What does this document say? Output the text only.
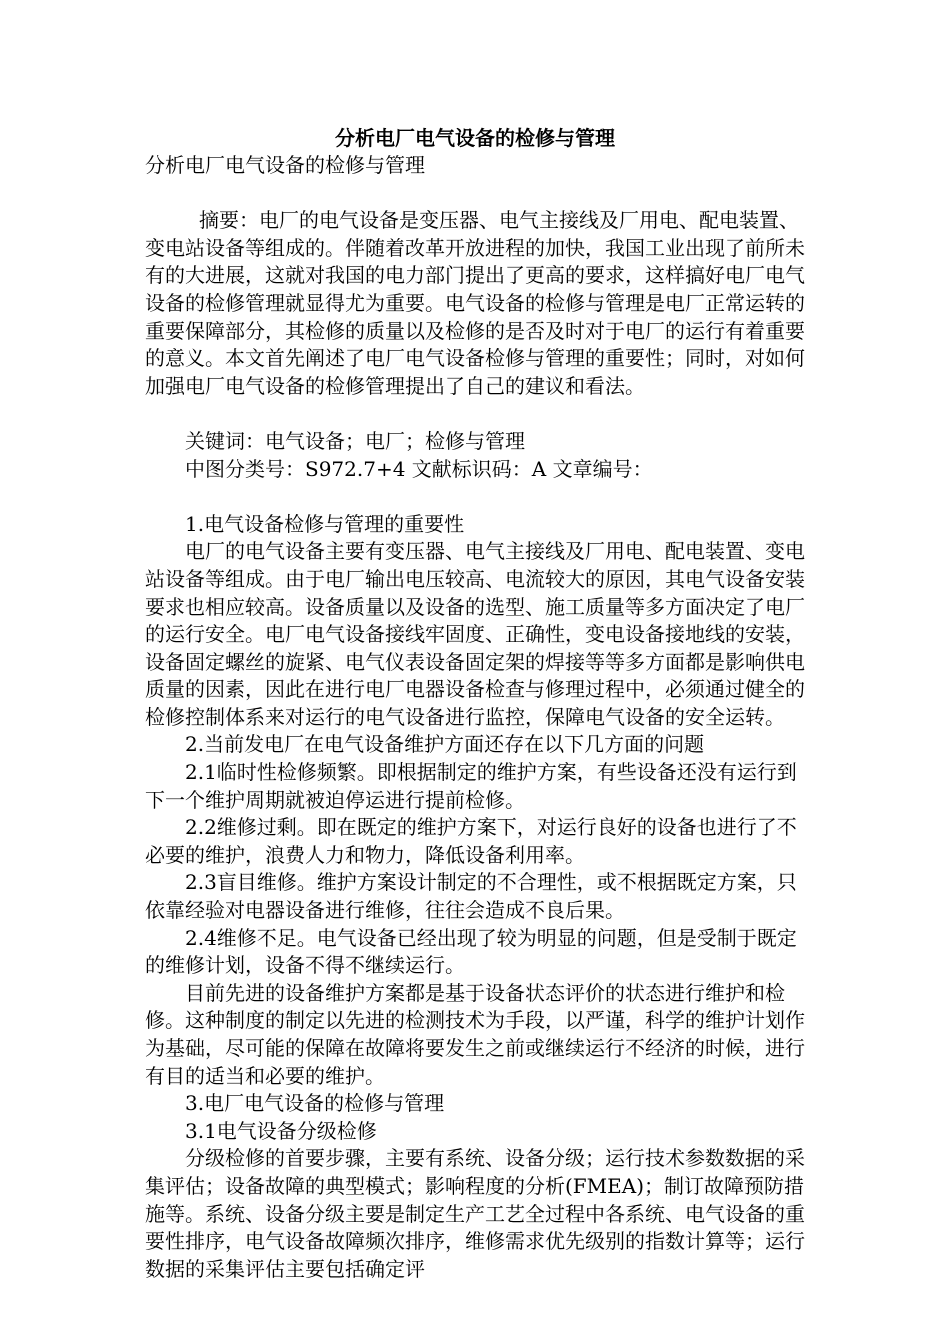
分析电厂电气设备的检修与管理

分析电厂电气设备的检修与管理

摘要：电厂的电气设备是变压器、电气主接线及厂用电、配电装置、变电站设备等组成的。伴随着改革开放进程的加快，我国工业出现了前所未有的大进展，这就对我国的电力部门提出了更高的要求，这样搞好电厂电气设备的检修管理就显得尤为重要。电气设备的检修与管理是电厂正常运转的重要保障部分，其检修的质量以及检修的是否及时对于电厂的运行有着重要的意义。本文首先阐述了电厂电气设备检修与管理的重要性；同时，对如何加强电厂电气设备的检修管理提出了自己的建议和看法。

关键词：电气设备；电厂；检修与管理

中图分类号：S972.7+4 文献标识码：A 文章编号：

1.电气设备检修与管理的重要性

电厂的电气设备主要有变压器、电气主接线及厂用电、配电装置、变电站设备等组成。由于电厂输出电压较高、电流较大的原因，其电气设备安装要求也相应较高。设备质量以及设备的选型、施工质量等多方面决定了电厂的运行安全。电厂电气设备接线牢固度、正确性，变电设备接地线的安装，设备固定螺丝的旋紧、电气仪表设备固定架的焊接等等多方面都是影响供电质量的因素，因此在进行电厂电器设备检查与修理过程中，必须通过健全的检修控制体系来对运行的电气设备进行监控，保障电气设备的安全运转。

2.当前发电厂在电气设备维护方面还存在以下几方面的问题

2.1临时性检修频繁。即根据制定的维护方案，有些设备还没有运行到下一个维护周期就被迫停运进行提前检修。

2.2维修过剩。即在既定的维护方案下，对运行良好的设备也进行了不必要的维护，浪费人力和物力，降低设备利用率。

2.3盲目维修。维护方案设计制定的不合理性，或不根据既定方案，只依靠经验对电器设备进行维修，往往会造成不良后果。

2.4维修不足。电气设备已经出现了较为明显的问题，但是受制于既定的维修计划，设备不得不继续运行。

目前先进的设备维护方案都是基于设备状态评价的状态进行维护和检修。这种制度的制定以先进的检测技术为手段，以严谨，科学的维护计划作为基础，尽可能的保障在故障将要发生之前或继续运行不经济的时候，进行有目的适当和必要的维护。

3.电厂电气设备的检修与管理

3.1电气设备分级检修

分级检修的首要步骤，主要有系统、设备分级；运行技术参数数据的采集评估；设备故障的典型模式；影响程度的分析(FMEA)；制订故障预防措施等。系统、设备分级主要是制定生产工艺全过程中各系统、电气设备的重要性排序，电气设备故障频次排序，维修需求优先级别的指数计算等；运行数据的采集评估主要包括确定评
